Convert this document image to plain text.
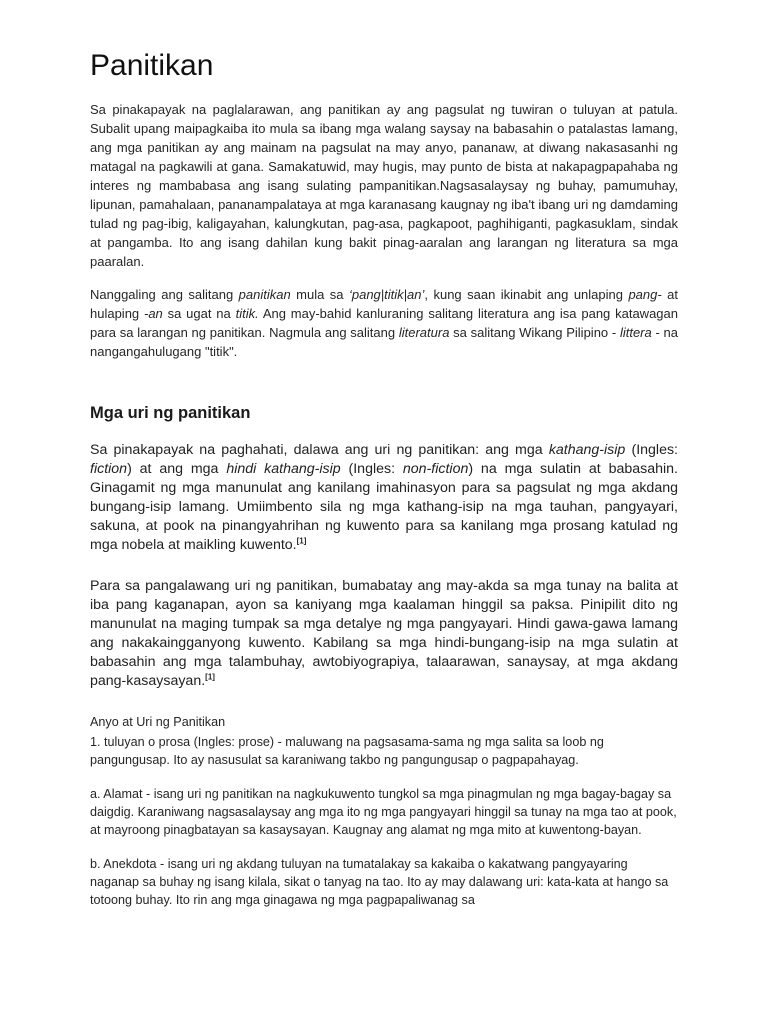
Panitikan

Sa pinakapayak na paglalarawan, ang panitikan ay ang pagsulat ng tuwiran o tuluyan at patula. Subalit upang maipagkaiba ito mula sa ibang mga walang saysay na babasahin o patalastas lamang, ang mga panitikan ay ang mainam na pagsulat na may anyo, pananaw, at diwang nakasasanhi ng matagal na pagkawili at gana. Samakatuwid, may hugis, may punto de bista at nakapagpapahaba ng interes ng mambabasa ang isang sulating pampanitikan.Nagsasalaysay ng buhay, pamumuhay, lipunan, pamahalaan, pananampalataya at mga karanasang kaugnay ng iba't ibang uri ng damdaming tulad ng pag-ibig, kaligayahan, kalungkutan, pag-asa, pagkapoot, paghihiganti, pagkasuklam, sindak at pangamba. Ito ang isang dahilan kung bakit pinag-aaralan ang larangan ng literatura sa mga paaralan.

Nanggaling ang salitang panitikan mula sa ‘pang|titik|an’, kung saan ikinabit ang unlaping pang- at hulaping -an sa ugat na titik. Ang may-bahid kanluraning salitang literatura ang isa pang katawagan para sa larangan ng panitikan. Nagmula ang salitang literatura sa salitang Wikang Pilipino - littera - na nangangahulugang "titik".

Mga uri ng panitikan

Sa pinakapayak na paghahati, dalawa ang uri ng panitikan: ang mga kathang-isip (Ingles: fiction) at ang mga hindi kathang-isip (Ingles: non-fiction) na mga sulatin at babasahin. Ginagamit ng mga manunulat ang kanilang imahinasyon para sa pagsulat ng mga akdang bungang-isip lamang. Umiimbento sila ng mga kathang-isip na mga tauhan, pangyayari, sakuna, at pook na pinangyahrihan ng kuwento para sa kanilang mga prosang katulad ng mga nobela at maikling kuwento.[1]

Para sa pangalawang uri ng panitikan, bumabatay ang may-akda sa mga tunay na balita at iba pang kaganapan, ayon sa kaniyang mga kaalaman hinggil sa paksa. Pinipilit dito ng manunulat na maging tumpak sa mga detalye ng mga pangyayari. Hindi gawa-gawa lamang ang nakakaingganyong kuwento. Kabilang sa mga hindi-bungang-isip na mga sulatin at babasahin ang mga talambuhay, awtobiyograpiya, talaarawan, sanaysay, at mga akdang pang-kasaysayan.[1]

Anyo at Uri ng Panitikan

1. tuluyan o prosa (Ingles: prose) - maluwang na pagsasama-sama ng mga salita sa loob ng pangungusap. Ito ay nasusulat sa karaniwang takbo ng pangungusap o pagpapahayag.

a. Alamat - isang uri ng panitikan na nagkukuwento tungkol sa mga pinagmulan ng mga bagay-bagay sa daigdig. Karaniwang nagsasalaysay ang mga ito ng mga pangyayari hinggil sa tunay na mga tao at pook, at mayroong pinagbatayan sa kasaysayan. Kaugnay ang alamat ng mga mito at kuwentong-bayan.

b. Anekdota - isang uri ng akdang tuluyan na tumatalakay sa kakaiba o kakatwang pangyayaring naganap sa buhay ng isang kilala, sikat o tanyag na tao. Ito ay may dalawang uri: kata-kata at hango sa totoong buhay. Ito rin ang mga ginagawa ng mga pagpapaliwanag sa
